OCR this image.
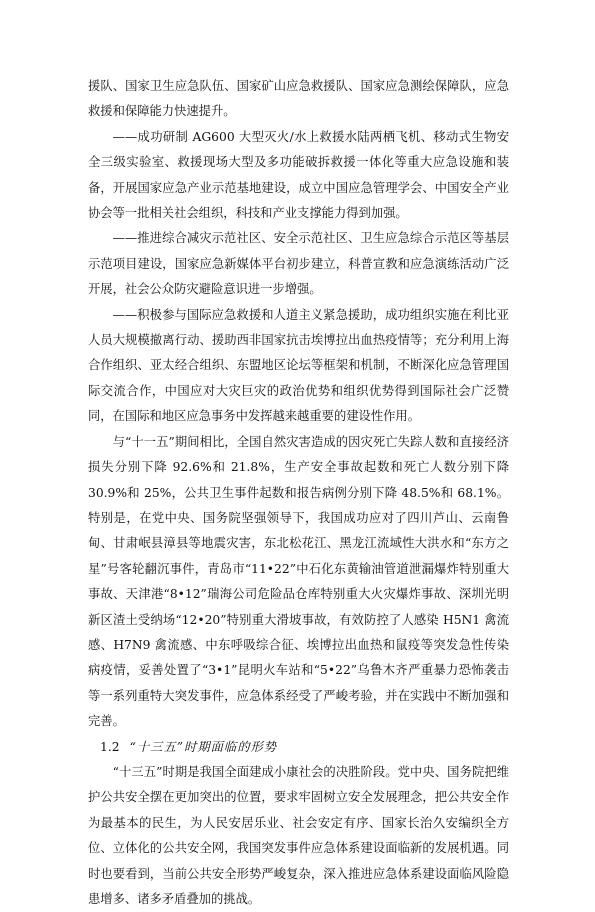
援队、国家卫生应急队伍、国家矿山应急救援队、国家应急测绘保障队，应急救援和保障能力快速提升。

——成功研制 AG600 大型灭火/水上救援水陆两栖飞机、移动式生物安全三级实验室、救援现场大型及多功能破拆救援一体化等重大应急设施和装备，开展国家应急产业示范基地建设，成立中国应急管理学会、中国安全产业协会等一批相关社会组织，科技和产业支撑能力得到加强。

——推进综合减灾示范社区、安全示范社区、卫生应急综合示范区等基层示范项目建设，国家应急新媒体平台初步建立，科普宣教和应急演练活动广泛开展，社会公众防灾避险意识进一步增强。

——积极参与国际应急救援和人道主义紧急援助，成功组织实施在利比亚人员大规模撤离行动、援助西非国家抗击埃博拉出血热疫情等；充分利用上海合作组织、亚太经合组织、东盟地区论坛等框架和机制，不断深化应急管理国际交流合作，中国应对大灾巨灾的政治优势和组织优势得到国际社会广泛赞同，在国际和地区应急事务中发挥越来越重要的建设性作用。

与“十一五”期间相比，全国自然灾害造成的因灾死亡失踪人数和直接经济损失分别下降 92.6%和 21.8%，生产安全事故起数和死亡人数分别下降 30.9%和 25%，公共卫生事件起数和报告病例分别下降 48.5%和 68.1%。特别是，在党中央、国务院坚强领导下，我国成功应对了四川芦山、云南鲁甸、甘肃岷县漳县等地震灾害，东北松花江、黑龙江流域性大洪水和“东方之星”号客轮翻沉事件，青岛市“11•22”中石化东黄输油管道泄漏爆炸特别重大事故、天津港“8•12”瑞海公司危险品仓库特别重大火灾爆炸事故、深圳光明新区渣土受纳场“12•20”特别重大滑坡事故，有效防控了人感染 H5N1 禽流感、H7N9 禽流感、中东呼吸综合征、埃博拉出血热和鼠疫等突发急性传染病疫情，妥善处置了“3•1”昆明火车站和“5•22”乌鲁木齐严重暴力恐怖袭击等一系列重特大突发事件，应急体系经受了严峻考验，并在实践中不断加强和完善。

1.2 “十三五”时期面临的形势

“十三五”时期是我国全面建成小康社会的决胜阶段。党中央、国务院把维护公共安全摆在更加突出的位置，要求牢固树立安全发展理念，把公共安全作为最基本的民生，为人民安居乐业、社会安定有序、国家长治久安编织全方位、立体化的公共安全网，我国突发事件应急体系建设面临新的发展机遇。同时也要看到，当前公共安全形势严峻复杂，深入推进应急体系建设面临风险隐患增多、诸多矛盾叠加的挑战。
